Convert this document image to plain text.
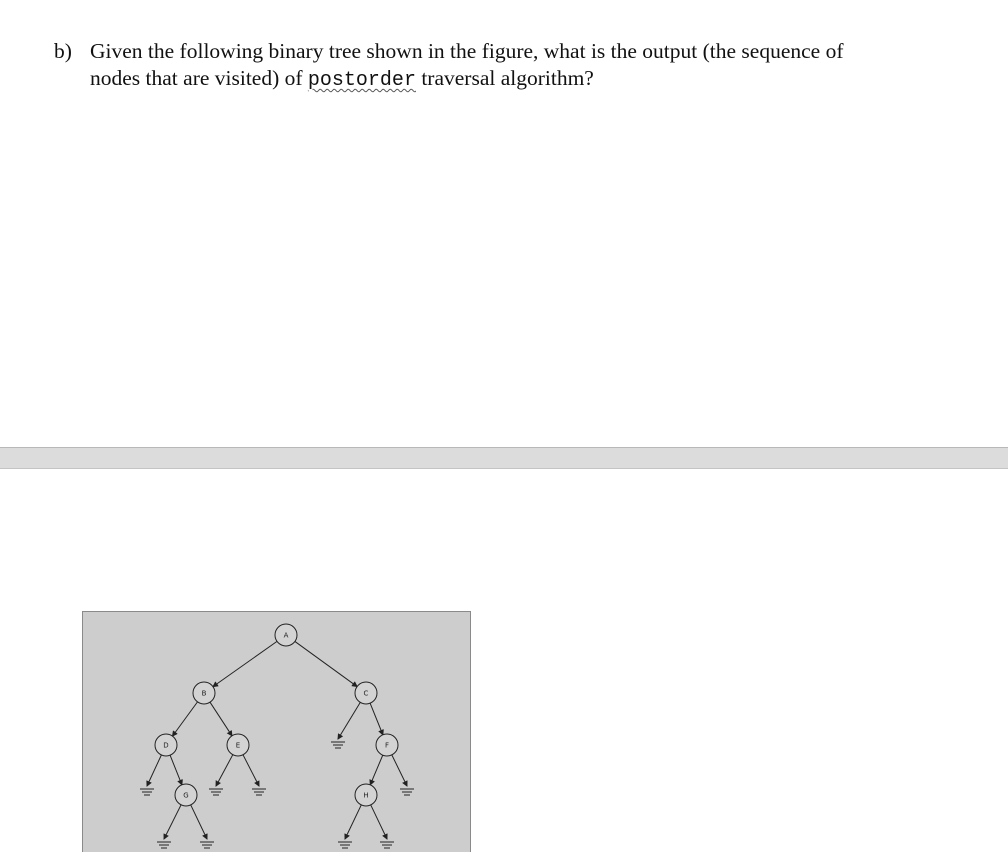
b) Given the following binary tree shown in the figure, what is the output (the sequence of
nodes that are visited) of postorder traversal algorithm?
A
B	C
D	E	F
G	H
